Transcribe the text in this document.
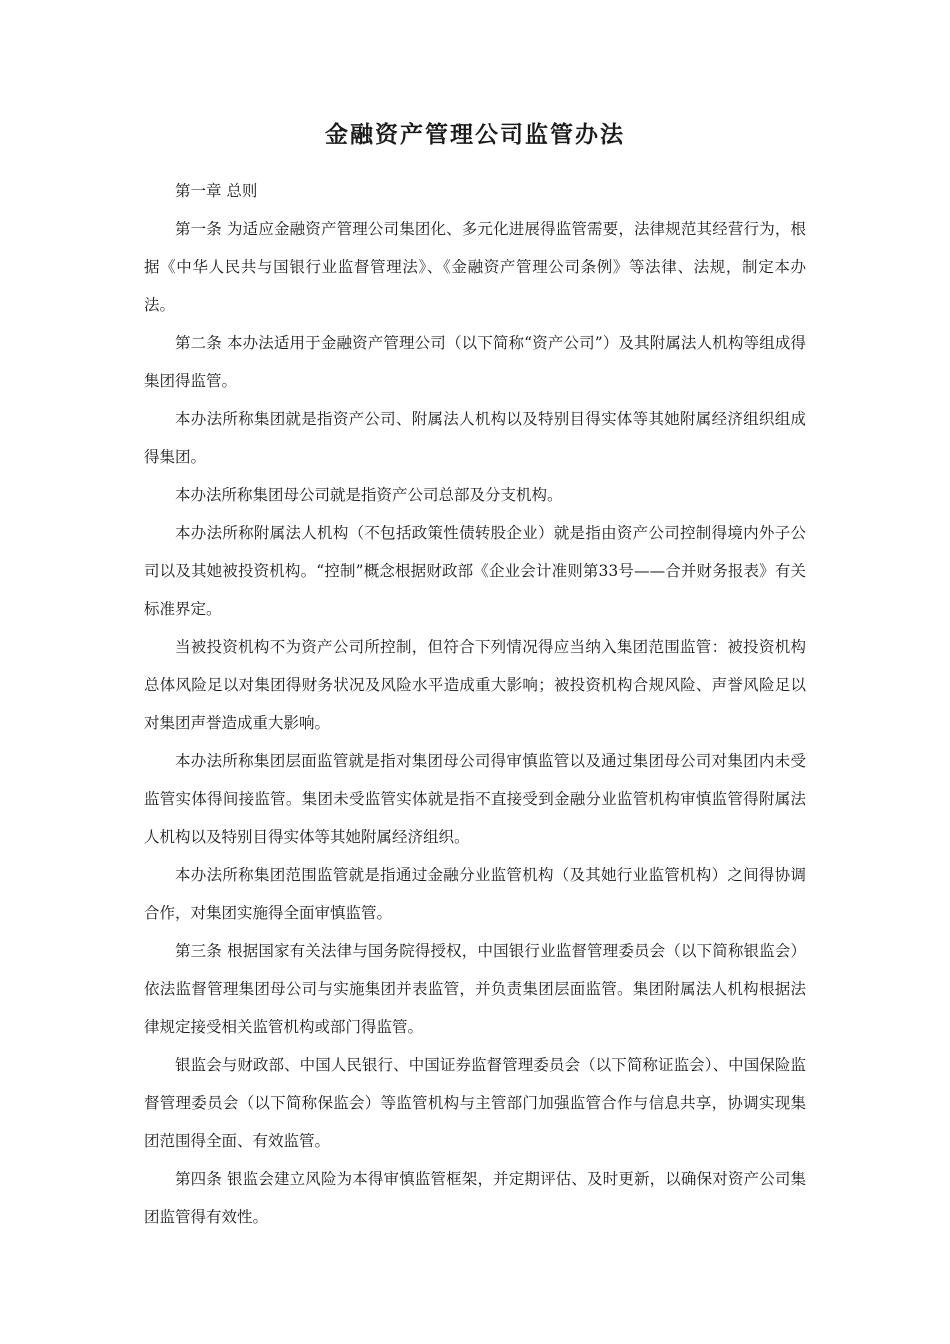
金融资产管理公司监管办法

第一章 总则

第一条 为适应金融资产管理公司集团化、多元化进展得监管需要，法律规范其经营行为，根据《中华人民共与国银行业监督管理法》、《金融资产管理公司条例》等法律、法规，制定本办法。

第二条 本办法适用于金融资产管理公司（以下简称“资产公司”）及其附属法人机构等组成得集团得监管。

本办法所称集团就是指资产公司、附属法人机构以及特别目得实体等其她附属经济组织组成得集团。

本办法所称集团母公司就是指资产公司总部及分支机构。

本办法所称附属法人机构（不包括政策性债转股企业）就是指由资产公司控制得境内外子公司以及其她被投资机构。“控制”概念根据财政部《企业会计准则第33号——合并财务报表》有关标准界定。

当被投资机构不为资产公司所控制，但符合下列情况得应当纳入集团范围监管：被投资机构总体风险足以对集团得财务状况及风险水平造成重大影响；被投资机构合规风险、声誉风险足以对集团声誉造成重大影响。

本办法所称集团层面监管就是指对集团母公司得审慎监管以及通过集团母公司对集团内未受监管实体得间接监管。集团未受监管实体就是指不直接受到金融分业监管机构审慎监管得附属法人机构以及特别目得实体等其她附属经济组织。

本办法所称集团范围监管就是指通过金融分业监管机构（及其她行业监管机构）之间得协调合作，对集团实施得全面审慎监管。

第三条 根据国家有关法律与国务院得授权，中国银行业监督管理委员会（以下简称银监会）依法监督管理集团母公司与实施集团并表监管，并负责集团层面监管。集团附属法人机构根据法律规定接受相关监管机构或部门得监管。

银监会与财政部、中国人民银行、中国证券监督管理委员会（以下简称证监会）、中国保险监督管理委员会（以下简称保监会）等监管机构与主管部门加强监管合作与信息共享，协调实现集团范围得全面、有效监管。

第四条 银监会建立风险为本得审慎监管框架，并定期评估、及时更新，以确保对资产公司集团监管得有效性。
